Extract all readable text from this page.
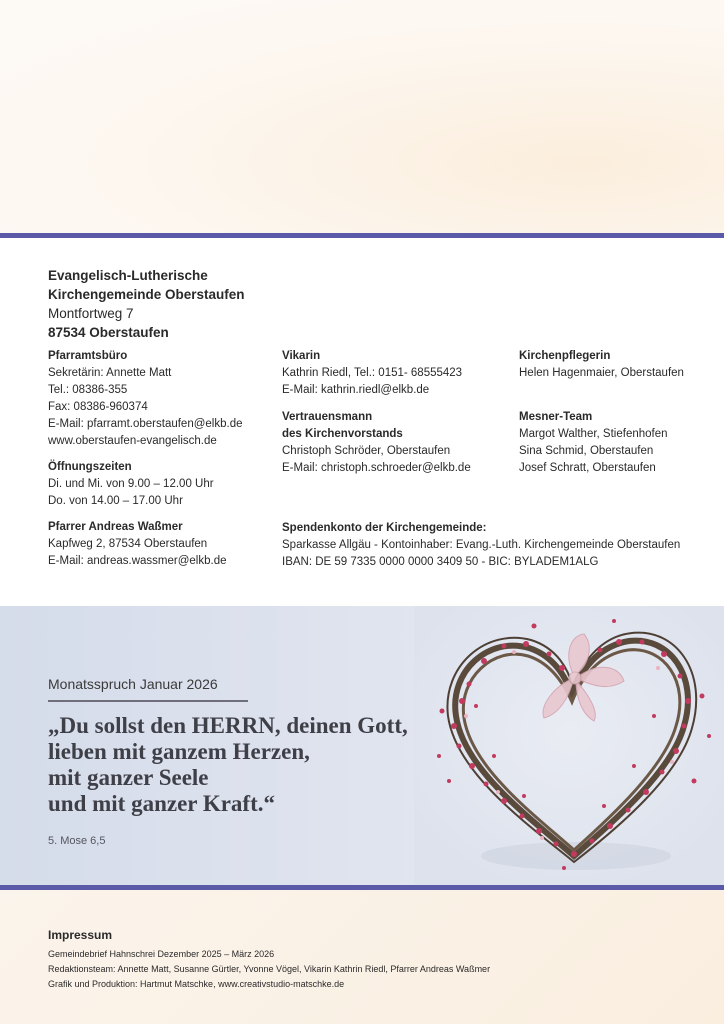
Evangelisch-Lutherische
Kirchengemeinde Oberstaufen
Montfortweg 7
87534 Oberstaufen

Pfarramtsbüro

Sekretärin: Annette Matt

Tel.: 08386-355

Fax: 08386-960374

E-Mail: pfarramt.oberstaufen@elkb.de

www.oberstaufen-evangelisch.de

Öffnungszeiten

Di. und Mi. von 9.00 – 12.00 Uhr

Do. von 14.00 – 17.00 Uhr

Pfarrer Andreas Waßmer

Kapfweg 2, 87534 Oberstaufen

E-Mail: andreas.wassmer@elkb.de

Vikarin

Kathrin Riedl, Tel.: 0151- 68555423

E-Mail: kathrin.riedl@elkb.de

Vertrauensmann

des Kirchenvorstands

Christoph Schröder, Oberstaufen

E-Mail: christoph.schroeder@elkb.de

Kirchenpflegerin

Helen Hagenmaier, Oberstaufen

Mesner-Team

Margot Walther, Stiefenhofen

Sina Schmid, Oberstaufen

Josef Schratt, Oberstaufen

Spendenkonto der Kirchengemeinde:

Sparkasse Allgäu - Kontoinhaber: Evang.-Luth. Kirchengemeinde Oberstaufen

IBAN: DE 59 7335 0000 0000 3409 50 - BIC: BYLADEM1ALG

Monatsspruch Januar 2026

„Du sollst den HERRN, deinen Gott,

lieben mit ganzem Herzen,

mit ganzer Seele

und mit ganzer Kraft.“

5. Mose 6,5
Impressum

Gemeindebrief Hahnschrei Dezember 2025 – März 2026

Redaktionsteam: Annette Matt, Susanne Gürtler, Yvonne Vögel, Vikarin Kathrin Riedl, Pfarrer Andreas Waßmer

Grafik und Produktion: Hartmut Matschke, www.creativstudio-matschke.de
